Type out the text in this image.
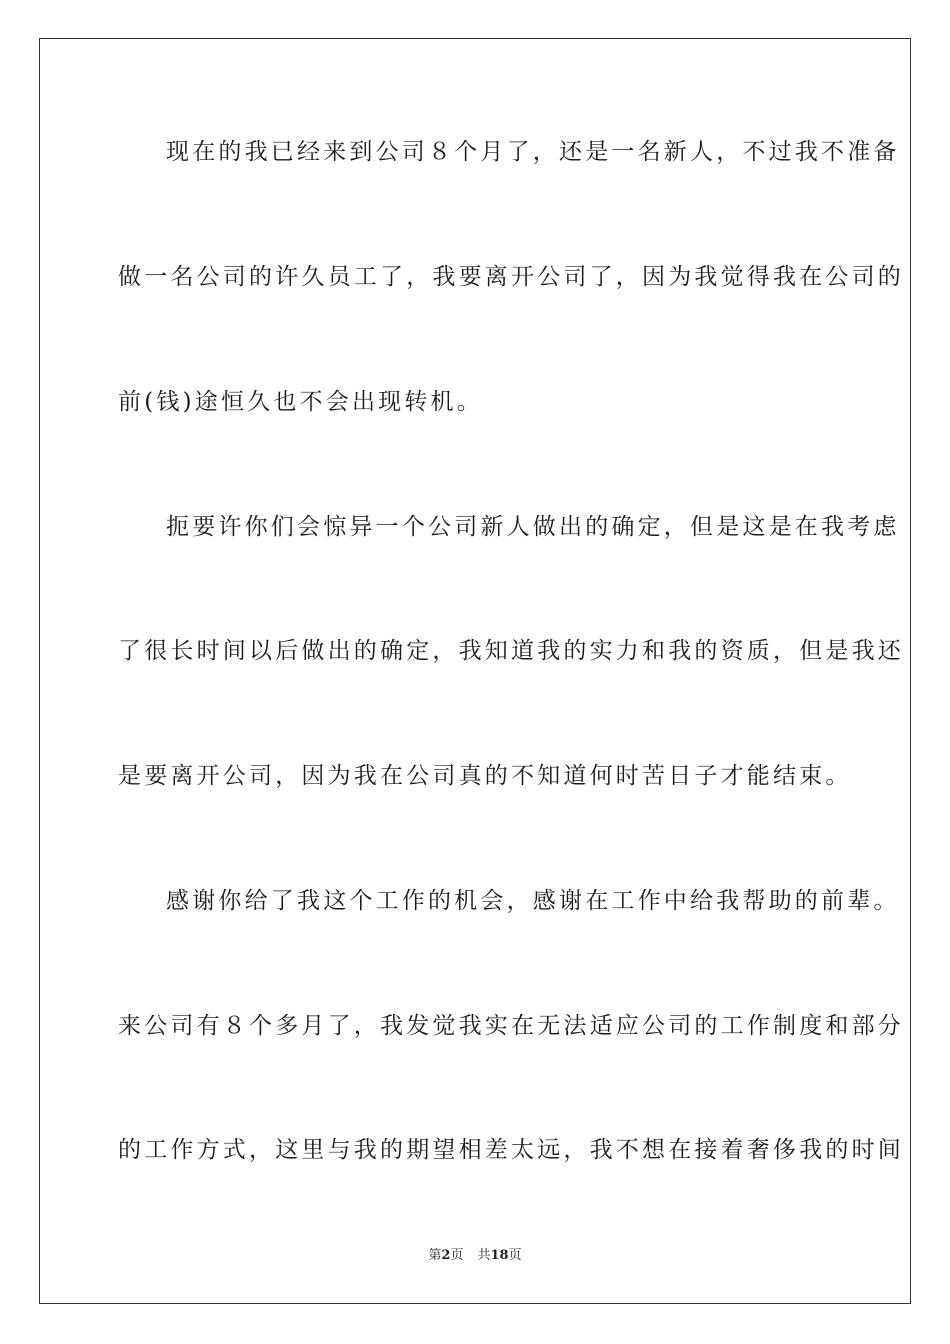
现在的我已经来到公司８个月了，还是一名新人，不过我不准备
做一名公司的许久员工了，我要离开公司了，因为我觉得我在公司的
前(钱)途恒久也不会出现转机。
扼要许你们会惊异一个公司新人做出的确定，但是这是在我考虑
了很长时间以后做出的确定，我知道我的实力和我的资质，但是我还
是要离开公司，因为我在公司真的不知道何时苦日子才能结束。
感谢你给了我这个工作的机会，感谢在工作中给我帮助的前辈。
来公司有８个多月了，我发觉我实在无法适应公司的工作制度和部分
的工作方式，这里与我的期望相差太远，我不想在接着奢侈我的时间
第2页 共18页
